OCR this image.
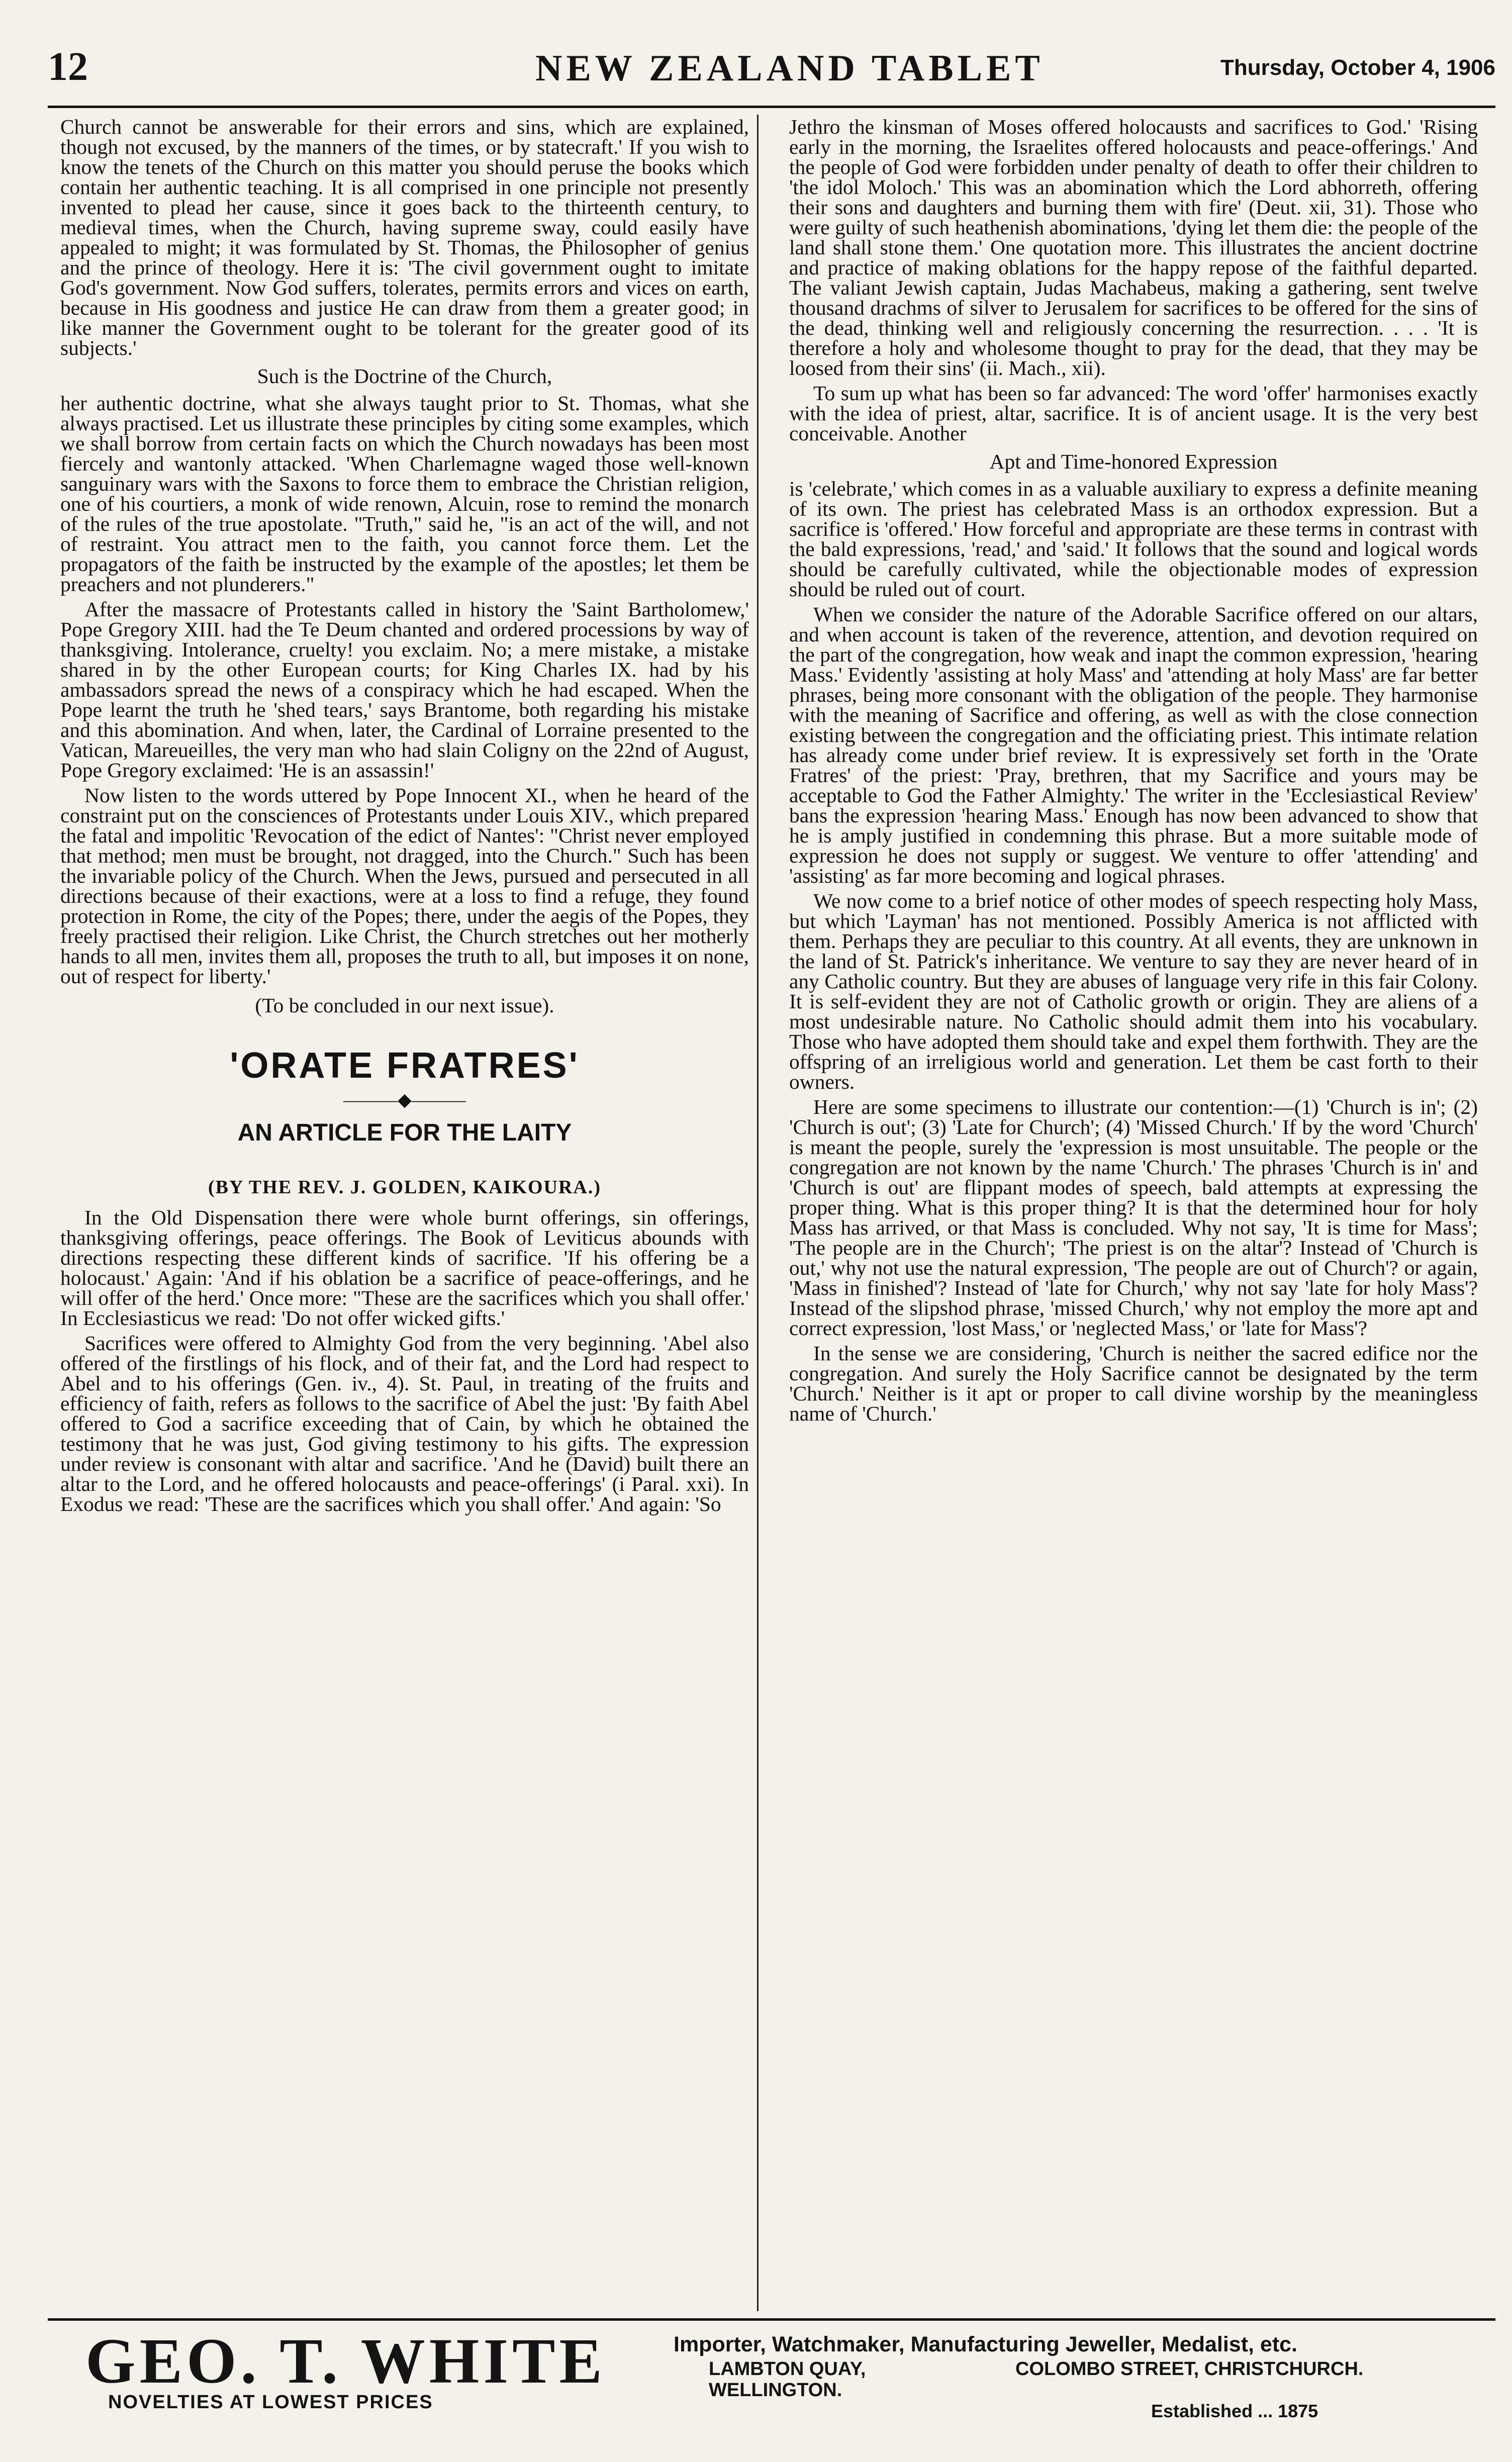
12	NEW ZEALAND TABLET	Thursday, October 4, 1906

Church cannot be answerable for their errors and sins, which are explained, though not excused, by the manners of the times, or by statecraft.' If you wish to know the tenets of the Church on this matter you should peruse the books which contain her authentic teaching. It is all comprised in one principle not presently invented to plead her cause, since it goes back to the thirteenth century, to medieval times, when the Church, having supreme sway, could easily have appealed to might; it was formulated by St. Thomas, the Philosopher of genius and the prince of theology. Here it is: 'The civil government ought to imitate God's government. Now God suffers, tolerates, permits errors and vices on earth, because in His goodness and justice He can draw from them a greater good; in like manner the Government ought to be tolerant for the greater good of its subjects.'

Such is the Doctrine of the Church,

her authentic doctrine, what she always taught prior to St. Thomas, what she always practised. Let us illustrate these principles by citing some examples, which we shall borrow from certain facts on which the Church nowadays has been most fiercely and wantonly attacked. 'When Charlemagne waged those well-known sanguinary wars with the Saxons to force them to embrace the Christian religion, one of his courtiers, a monk of wide renown, Alcuin, rose to remind the monarch of the rules of the true apostolate. "Truth," said he, "is an act of the will, and not of restraint. You attract men to the faith, you cannot force them. Let the propagators of the faith be instructed by the example of the apostles; let them be preachers and not plunderers."

After the massacre of Protestants called in history the 'Saint Bartholomew,' Pope Gregory XIII. had the Te Deum chanted and ordered processions by way of thanksgiving. Intolerance, cruelty! you exclaim. No; a mere mistake, a mistake shared in by the other European courts; for King Charles IX. had by his ambassadors spread the news of a conspiracy which he had escaped. When the Pope learnt the truth he 'shed tears,' says Brantome, both regarding his mistake and this abomination. And when, later, the Cardinal of Lorraine presented to the Vatican, Mareueilles, the very man who had slain Coligny on the 22nd of August, Pope Gregory exclaimed: 'He is an assassin!'

Now listen to the words uttered by Pope Innocent XI., when he heard of the constraint put on the consciences of Protestants under Louis XIV., which prepared the fatal and impolitic 'Revocation of the edict of Nantes': "Christ never employed that method; men must be brought, not dragged, into the Church." Such has been the invariable policy of the Church. When the Jews, pursued and persecuted in all directions because of their exactions, were at a loss to find a refuge, they found protection in Rome, the city of the Popes; there, under the aegis of the Popes, they freely practised their religion. Like Christ, the Church stretches out her motherly hands to all men, invites them all, proposes the truth to all, but imposes it on none, out of respect for liberty.'

(To be concluded in our next issue).

'ORATE FRATRES'
———◆———
AN ARTICLE FOR THE LAITY
(BY THE REV. J. GOLDEN, KAIKOURA.)

In the Old Dispensation there were whole burnt offerings, sin offerings, thanksgiving offerings, peace offerings. The Book of Leviticus abounds with directions respecting these different kinds of sacrifice. 'If his offering be a holocaust.' Again: 'And if his oblation be a sacrifice of peace-offerings, and he will offer of the herd.' Once more: "These are the sacrifices which you shall offer.' In Ecclesiasticus we read: 'Do not offer wicked gifts.'

Sacrifices were offered to Almighty God from the very beginning. 'Abel also offered of the firstlings of his flock, and of their fat, and the Lord had respect to Abel and to his offerings (Gen. iv., 4). St. Paul, in treating of the fruits and efficiency of faith, refers as follows to the sacrifice of Abel the just: 'By faith Abel offered to God a sacrifice exceeding that of Cain, by which he obtained the testimony that he was just, God giving testimony to his gifts. The expression under review is consonant with altar and sacrifice. 'And he (David) built there an altar to the Lord, and he offered holocausts and peace-offerings' (i Paral. xxi). In Exodus we read: 'These are the sacrifices which you shall offer.' And again: 'So

Jethro the kinsman of Moses offered holocausts and sacrifices to God.' 'Rising early in the morning, the Israelites offered holocausts and peace-offerings.' And the people of God were forbidden under penalty of death to offer their children to 'the idol Moloch.' This was an abomination which the Lord abhorreth, offering their sons and daughters and burning them with fire' (Deut. xii, 31). Those who were guilty of such heathenish abominations, 'dying let them die: the people of the land shall stone them.' One quotation more. This illustrates the ancient doctrine and practice of making oblations for the happy repose of the faithful departed. The valiant Jewish captain, Judas Machabeus, making a gathering, sent twelve thousand drachms of silver to Jerusalem for sacrifices to be offered for the sins of the dead, thinking well and religiously concerning the resurrection. . . . 'It is therefore a holy and wholesome thought to pray for the dead, that they may be loosed from their sins' (ii. Mach., xii).

To sum up what has been so far advanced: The word 'offer' harmonises exactly with the idea of priest, altar, sacrifice. It is of ancient usage. It is the very best conceivable. Another

Apt and Time-honored Expression

is 'celebrate,' which comes in as a valuable auxiliary to express a definite meaning of its own. The priest has celebrated Mass is an orthodox expression. But a sacrifice is 'offered.' How forceful and appropriate are these terms in contrast with the bald expressions, 'read,' and 'said.' It follows that the sound and logical words should be carefully cultivated, while the objectionable modes of expression should be ruled out of court.

When we consider the nature of the Adorable Sacrifice offered on our altars, and when account is taken of the reverence, attention, and devotion required on the part of the congregation, how weak and inapt the common expression, 'hearing Mass.' Evidently 'assisting at holy Mass' and 'attending at holy Mass' are far better phrases, being more consonant with the obligation of the people. They harmonise with the meaning of Sacrifice and offering, as well as with the close connection existing between the congregation and the officiating priest. This intimate relation has already come under brief review. It is expressively set forth in the 'Orate Fratres' of the priest: 'Pray, brethren, that my Sacrifice and yours may be acceptable to God the Father Almighty.' The writer in the 'Ecclesiastical Review' bans the expression 'hearing Mass.' Enough has now been advanced to show that he is amply justified in condemning this phrase. But a more suitable mode of expression he does not supply or suggest. We venture to offer 'attending' and 'assisting' as far more becoming and logical phrases.

We now come to a brief notice of other modes of speech respecting holy Mass, but which 'Layman' has not mentioned. Possibly America is not afflicted with them. Perhaps they are peculiar to this country. At all events, they are unknown in the land of St. Patrick's inheritance. We venture to say they are never heard of in any Catholic country. But they are abuses of language very rife in this fair Colony. It is self-evident they are not of Catholic growth or origin. They are aliens of a most undesirable nature. No Catholic should admit them into his vocabulary. Those who have adopted them should take and expel them forthwith. They are the offspring of an irreligious world and generation. Let them be cast forth to their owners.

Here are some specimens to illustrate our contention:—(1) 'Church is in'; (2) 'Church is out'; (3) 'Late for Church'; (4) 'Missed Church.' If by the word 'Church' is meant the people, surely the 'expression is most unsuitable. The people or the congregation are not known by the name 'Church.' The phrases 'Church is in' and 'Church is out' are flippant modes of speech, bald attempts at expressing the proper thing. What is this proper thing? It is that the determined hour for holy Mass has arrived, or that Mass is concluded. Why not say, 'It is time for Mass'; 'The people are in the Church'; 'The priest is on the altar'? Instead of 'Church is out,' why not use the natural expression, 'The people are out of Church'? or again, 'Mass in finished'? Instead of 'late for Church,' why not say 'late for holy Mass'? Instead of the slipshod phrase, 'missed Church,' why not employ the more apt and correct expression, 'lost Mass,' or 'neglected Mass,' or 'late for Mass'?

In the sense we are considering, 'Church is neither the sacred edifice nor the congregation. And surely the Holy Sacrifice cannot be designated by the term 'Church.' Neither is it apt or proper to call divine worship by the meaningless name of 'Church.'

GEO. T. WHITE
NOVELTIES AT LOWEST PRICES
Importer, Watchmaker, Manufacturing Jeweller, Medalist, etc.
LAMBTON QUAY,
WELLINGTON.
COLOMBO STREET, CHRISTCHURCH.
Established ... 1875
